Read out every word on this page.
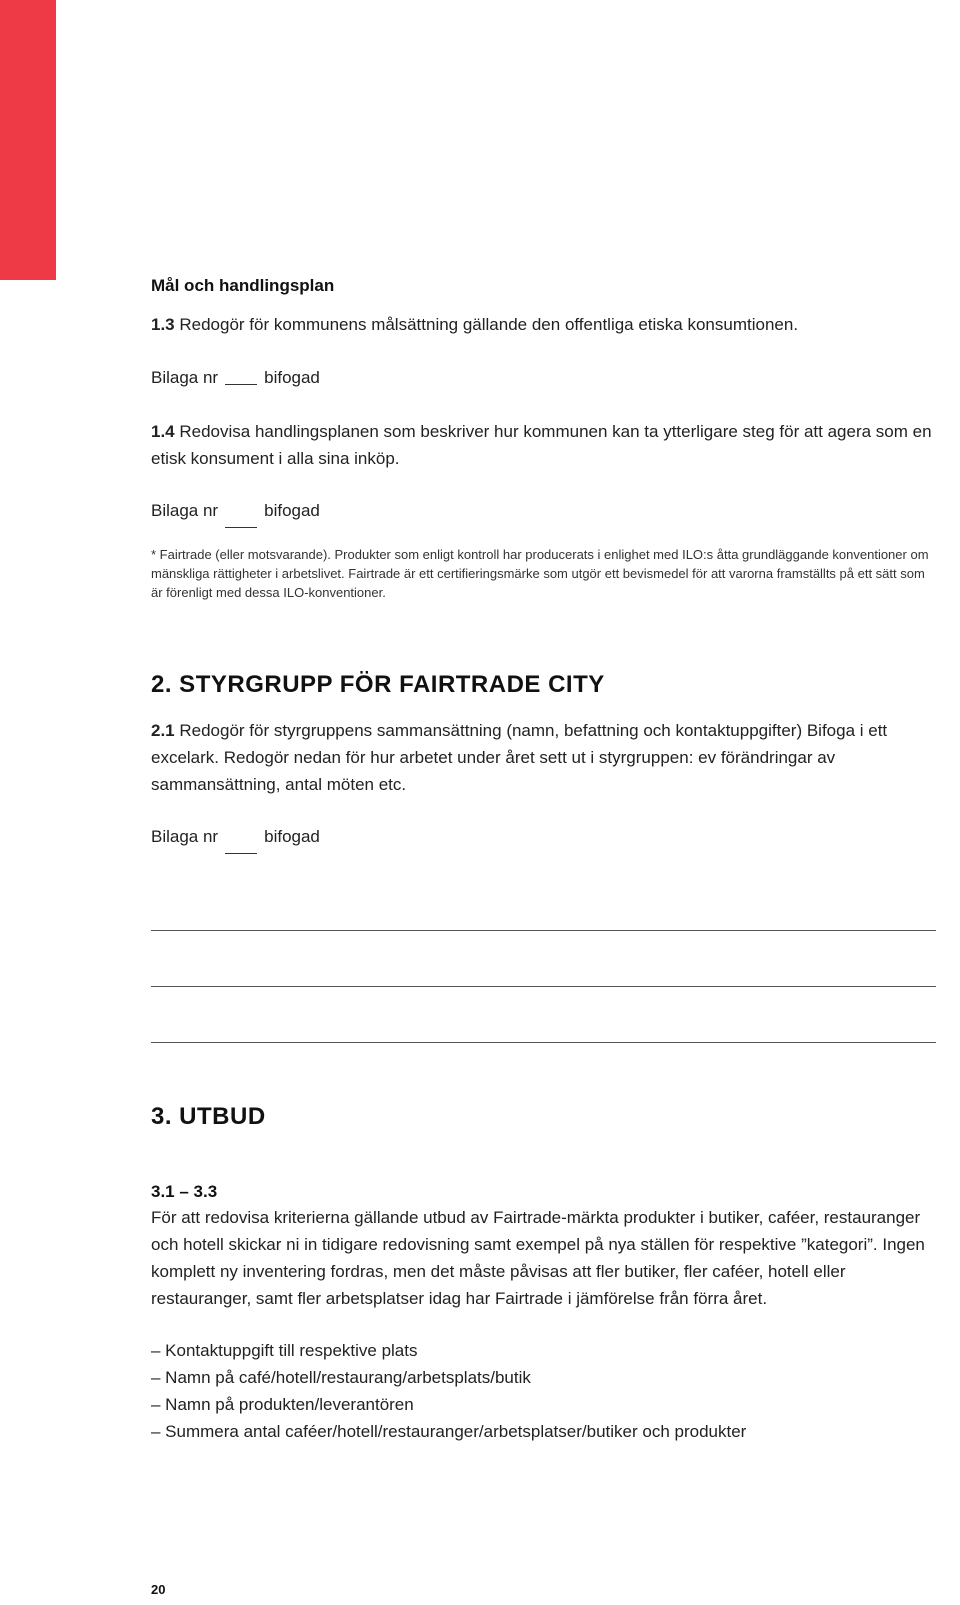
Mål och handlingsplan

1.3 Redogör för kommunens målsättning gällande den offentliga etiska konsumtionen.

Bilaga nr	bifogad

1.4 Redovisa handlingsplanen som beskriver hur kommunen kan ta ytterligare steg för att agera som en etisk konsument i alla sina inköp.

Bilaga nr	bifogad

* Fairtrade (eller motsvarande). Produkter som enligt kontroll har producerats i enlighet med ILO:s åtta grundläggande konventioner om mänskliga rättigheter i arbetslivet. Fairtrade är ett certifieringsmärke som utgör ett bevismedel för att varorna framställts på ett sätt som är förenligt med dessa ILO-konventioner.

2. STYRGRUPP FÖR FAIRTRADE CITY

2.1 Redogör för styrgruppens sammansättning (namn, befattning och kontaktuppgifter) Bifoga i ett excelark. Redogör nedan för hur arbetet under året sett ut i styrgruppen: ev förändringar av sammansättning, antal möten etc.

Bilaga nr	bifogad

3. UTBUD

3.1 – 3.3

För att redovisa kriterierna gällande utbud av Fairtrade-märkta produkter i butiker, caféer, restauranger och hotell skickar ni in tidigare redovisning samt exempel på nya ställen för respektive ”kategori”. Ingen komplett ny inventering fordras, men det måste påvisas att fler butiker, fler caféer, hotell eller restauranger, samt fler arbetsplatser idag har Fairtrade i jämförelse från förra året.

– Kontaktuppgift till respektive plats
– Namn på café/hotell/restaurang/arbetsplats/butik
– Namn på produkten/leverantören
– Summera antal caféer/hotell/restauranger/arbetsplatser/butiker och produkter
20
